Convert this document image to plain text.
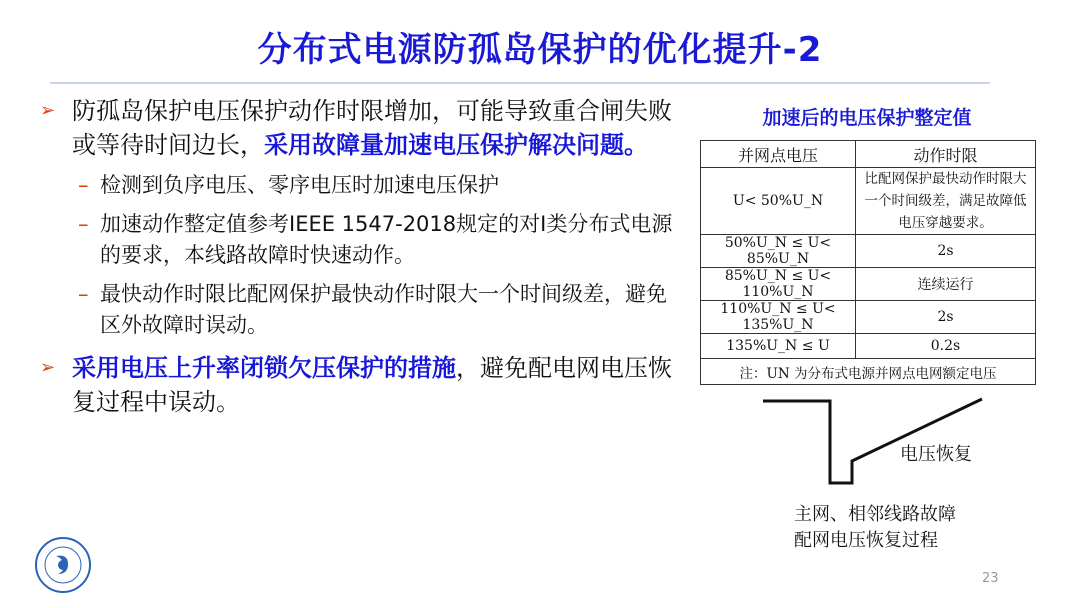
分布式电源防孤岛保护的优化提升-2
➢ 防孤岛保护电压保护动作时限增加，可能导致重合闸失败或等待时间边长，采用故障量加速电压保护解决问题。
– 检测到负序电压、零序电压时加速电压保护
– 加速动作整定值参考IEEE 1547-2018规定的对I类分布式电源的要求，本线路故障时快速动作。
– 最快动作时限比配网保护最快动作时限大一个时间级差，避免区外故障时误动。
➢ 采用电压上升率闭锁欠压保护的措施，避免配电网电压恢复过程中误动。
加速后的电压保护整定值
并网点电压	动作时限
U< 50%U_N	比配网保护最快动作时限大一个时间级差，满足故障低电压穿越要求。
50%U_N ≤ U< 85%U_N	2s
85%U_N ≤ U< 110%U_N	连续运行
110%U_N ≤ U< 135%U_N	2s
135%U_N ≤ U	0.2s
注：UN 为分布式电源并网点电网额定电压	
电压恢复
主网、相邻线路故障
配网电压恢复过程
23
